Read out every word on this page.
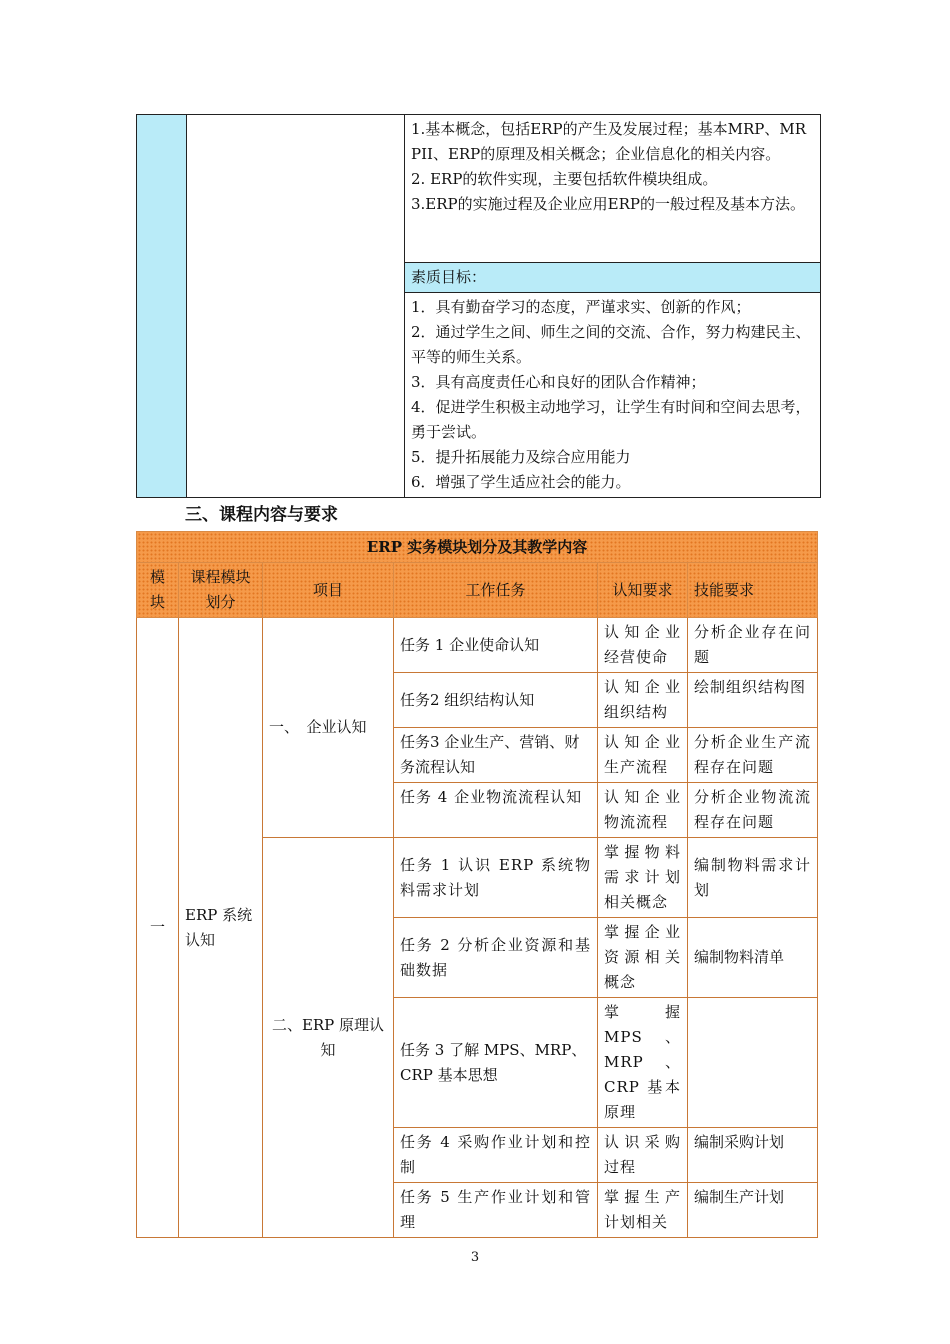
1.基本概念，包括ERP的产生及发展过程；基本MRP、MRPII、ERP的原理及相关概念；企业信息化的相关内容。
2. ERP的软件实现，主要包括软件模块组成。
3.ERP的实施过程及企业应用ERP的一般过程及基本方法。

素质目标：

1．具有勤奋学习的态度，严谨求实、创新的作风；
2．通过学生之间、师生之间的交流、合作，努力构建民主、平等的师生关系。
3．具有高度责任心和良好的团队合作精神；
4．促进学生积极主动地学习，让学生有时间和空间去思考，勇于尝试。
5．提升拓展能力及综合应用能力
6．增强了学生适应社会的能力。
三、课程内容与要求
ERP 实务模块划分及其教学内容					
模块	课程模块划分	项目	工作任务	认知要求	技能要求
一	ERP 系统认知	一、　企业认知	任务 1 企业使命认知	认知企业经营使命	分析企业存在问题
			任务2 组织结构认知	认知企业组织结构	绘制组织结构图
			任务3 企业生产、营销、财务流程认知	认知企业生产流程	分析企业生产流程存在问题
			任务 4 企业物流流程认知	认知企业物流流程	分析企业物流流程存在问题
		二、ERP 原理认知	任务 1 认识 ERP 系统物料需求计划	掌握物料需求计划相关概念	编制物料需求计划
			任务 2 分析企业资源和基础数据	掌握企业资源相关概念	编制物料清单
			任务 3 了解 MPS、MRP、CRP 基本思想	掌　　握 MPS　、MRP　、CRP 基本原理	
			任务 4 采购作业计划和控制	认识采购过程	编制采购计划
			任务 5 生产作业计划和管理	掌握生产计划相关	编制生产计划
3
